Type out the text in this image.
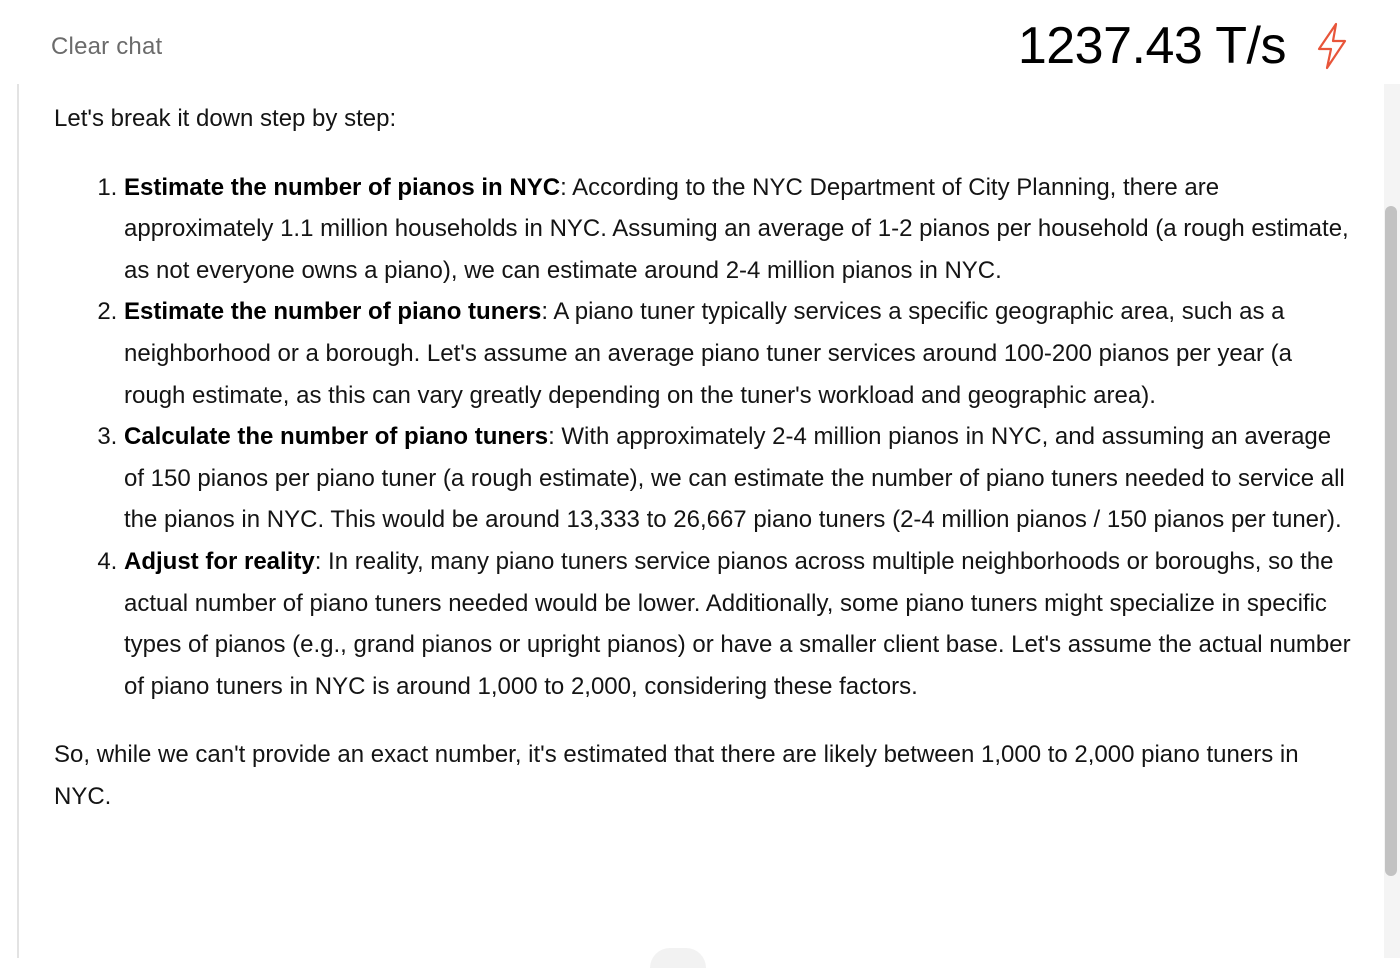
Clear chat	1237.43 T/s

Let's break it down step by step:

1. Estimate the number of pianos in NYC: According to the NYC Department of City Planning, there are approximately 1.1 million households in NYC. Assuming an average of 1-2 pianos per household (a rough estimate, as not everyone owns a piano), we can estimate around 2-4 million pianos in NYC.
2. Estimate the number of piano tuners: A piano tuner typically services a specific geographic area, such as a neighborhood or a borough. Let's assume an average piano tuner services around 100-200 pianos per year (a rough estimate, as this can vary greatly depending on the tuner's workload and geographic area).
3. Calculate the number of piano tuners: With approximately 2-4 million pianos in NYC, and assuming an average of 150 pianos per piano tuner (a rough estimate), we can estimate the number of piano tuners needed to service all the pianos in NYC. This would be around 13,333 to 26,667 piano tuners (2-4 million pianos / 150 pianos per tuner).
4. Adjust for reality: In reality, many piano tuners service pianos across multiple neighborhoods or boroughs, so the actual number of piano tuners needed would be lower. Additionally, some piano tuners might specialize in specific types of pianos (e.g., grand pianos or upright pianos) or have a smaller client base. Let's assume the actual number of piano tuners in NYC is around 1,000 to 2,000, considering these factors.

So, while we can't provide an exact number, it's estimated that there are likely between 1,000 to 2,000 piano tuners in NYC.
